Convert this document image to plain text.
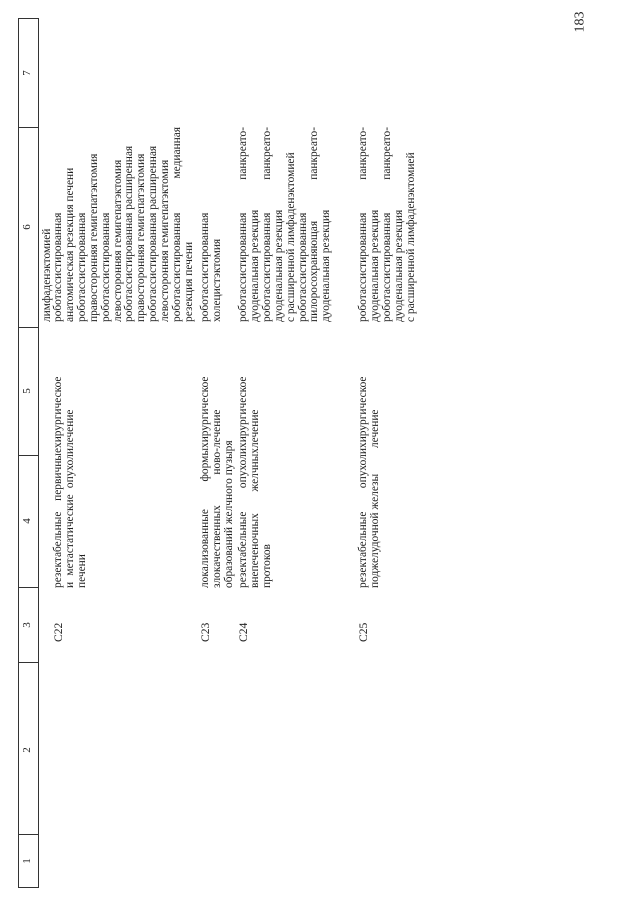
183
1
2
3
4
5
6
7
лимфаденэктомией
C22
резектабельные первичные и метастатические опухоли печени
хирургическое лечение
роботассистированная анатомическая резекция печени роботассистированная правосторонняя гемигепатэктомия роботассистированная левосторонняя гемигепатэктомия роботассистированная расширенная правосторонняя гемигепатэктомия роботассистированная расширенная левосторонняя гемигепатэктомия роботассистированная медианная резекция печени
C23
локализованные формы злокачественных ново- образований желчного пузыря
хирургическое лечение
роботассистированная холецистэктомия
C24
резектабельные опухоли внепеченочных желчных протоков
хирургическое лечение
роботассистированная панкреато- дуоденальная резекция роботассистированная панкреато- дуоденальная резекция с расширенной лимфаденэктомией роботассистированная пилоросохраняющая панкреато- дуоденальная резекция
C25
резектабельные опухоли поджелудочной железы
хирургическое лечение
роботассистированная панкреато- дуоденальная резекция роботассистированная панкреато- дуоденальная резекция с расширенной лимфаденэктомией
